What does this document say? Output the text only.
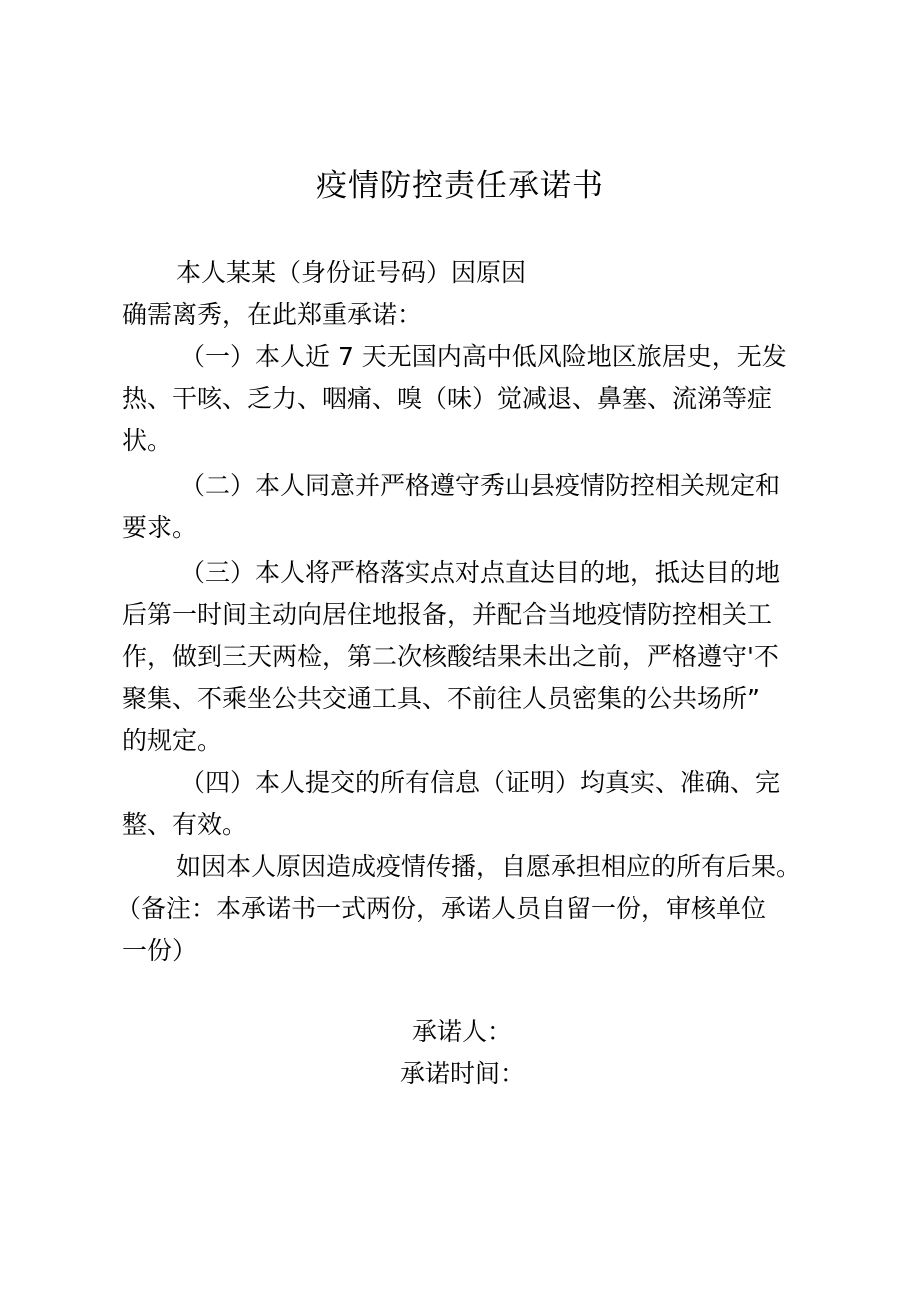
疫情防控责任承诺书
本人某某（身份证号码）因原因
确需离秀，在此郑重承诺：
（一）本人近 7 天无国内高中低风险地区旅居史，无发
热、干咳、乏力、咽痛、嗅（味）觉减退、鼻塞、流涕等症
状。
（二）本人同意并严格遵守秀山县疫情防控相关规定和
要求。
（三）本人将严格落实点对点直达目的地，抵达目的地
后第一时间主动向居住地报备，并配合当地疫情防控相关工
作，做到三天两检，第二次核酸结果未出之前，严格遵守'不
聚集、不乘坐公共交通工具、不前往人员密集的公共场所”
的规定。
（四）本人提交的所有信息（证明）均真实、准确、完
整、有效。
如因本人原因造成疫情传播，自愿承担相应的所有后果。
（备注：本承诺书一式两份，承诺人员自留一份，审核单位
一份）
承诺人：
承诺时间：
